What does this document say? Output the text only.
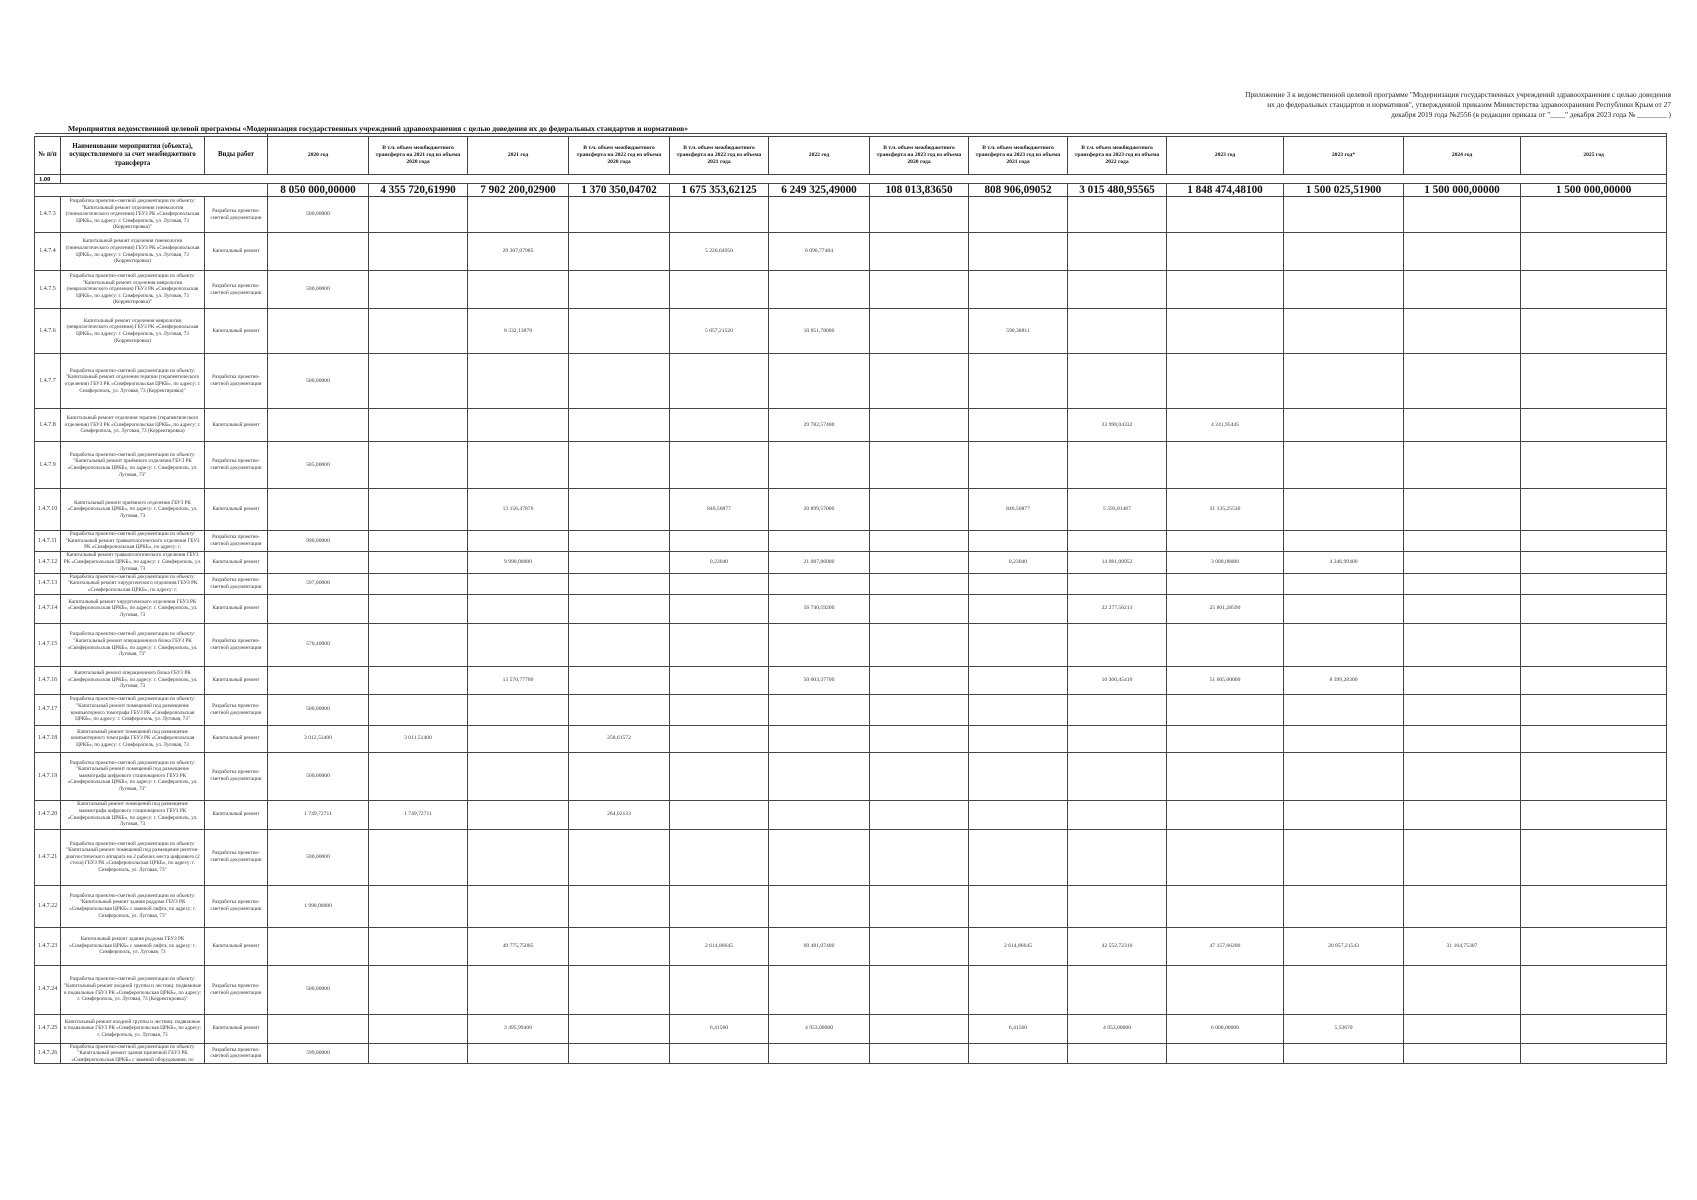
Приложение 3 к ведомственной целевой программе "Модернизация государственных учреждений здравоохранения с целью доведения
их до федеральных стандартов и нормативов", утвержденной приказом Министерства здравоохранения Республики Крым от 27
декабря 2019 года №2556 (в редакции приказа от "____" декабря 2023 года № ________ )
Мероприятия ведомственной целевой программы «Модернизация государственных учреждений здравоохранения с целью доведения их до федеральных стандартов и нормативов»

№ п/п	Наименование мероприятия (объекта), осуществляемого за счет межбюджетного трансферта	Виды работ	2020 год	В т.ч. объем межбюджетного трансферта на 2021 год из объема 2020 года	2021 год	В т.ч. объем межбюджетного трансферта на 2022 год из объема 2020 года	В т.ч. объем межбюджетного трансферта на 2022 год из объема 2021 года	2022 год	В т.ч. объем межбюджетного трансферта на 2023 год из объема 2020 года	В т.ч. объем межбюджетного трансферта на 2023 год из объема 2021 года	В т.ч. объем межбюджетного трансферта на 2023 год из объема 2022 года	2023 год	2023 год*	2024 год	2025 год
1.00															
			8 050 000,00000	4 355 720,61990	7 902 200,02900	1 370 350,04702	1 675 353,62125	6 249 325,49000	108 013,83650	808 906,09052	3 015 480,95565	1 848 474,48100	1 500 025,51900	1 500 000,00000	1 500 000,00000
1.4.7.3	Разработка проектно-сметной документации по объекту: "Капитальный ремонт отделения гинекологии (гинекологического отделения) ГБУЗ РК «Симферопольская ЦРКБ», по адресу: г. Симферополь, ул. Луговая, 73 (Корректировка)"	Разработка проектно-сметной документации	500,00000												
1.4.7.4	Капитальный ремонт отделения гинекологии (гинекологического отделения) ГБУЗ РК «Симферопольская ЦРКБ», по адресу: г. Симферополь, ул. Луговая, 73 (Корректировка)	Капитальный ремонт			29 307,07985		5 226,64950	6 090,77484							
1.4.7.5	Разработка проектно-сметной документации по объекту: "Капитальный ремонт отделения неврологии (неврологического отделения) ГБУЗ РК «Симферопольская ЦРКБ», по адресу: г. Симферополь, ул. Луговая, 73 (Корректировка)"	Разработка проектно-сметной документации	500,00000												
1.4.7.6	Капитальный ремонт отделения неврологии (неврологического отделения) ГБУЗ РК «Симферопольская ЦРКБ», по адресу: г. Симферополь, ул. Луговая, 73 (Корректировка)	Капитальный ремонт			8 332,13878		5 057,21520	10 851,78000		590,38811					
1.4.7.7	Разработка проектно-сметной документации по объекту: "Капитальный ремонт отделения терапии (терапевтического отделения) ГБУЗ РК «Симферопольская ЦРКБ», по адресу: г. Симферополь, ул. Луговая, 73 (Корректировка)"	Разработка проектно-сметной документации	500,00000												
1.4.7.8	Капитальный ремонт отделения терапии (терапевтического отделения) ГБУЗ РК «Симферопольская ЦРКБ», по адресу: г. Симферополь, ул. Луговая, 73 (Корректировка)	Капитальный ремонт						29 782,57400			33 998,04332	4 241,95445			
1.4.7.9	Разработка проектно-сметной документации по объекту: "Капитальный ремонт приёмного отделения ГБУЗ РК «Симферопольская ЦРКБ», по адресу: г. Симферополь, ул. Луговая, 73"	Разработка проектно-сметной документации	585,00000												
1.4.7.10	Капитальный ремонт приёмного отделения ГБУЗ РК «Симферопольская ЦРКБ», по адресу: г. Симферополь, ул. Луговая, 73	Капитальный ремонт			13 156,47876		846,56877	20 899,57000		846,56877	5 593,81467	31 135,25530			
1.4.7.11	Разработка проектно-сметной документации по объекту: "Капитальный ремонт травматологического отделения ГБУЗ РК «Симферопольская ЦРКБ», по адресу: г.	Разработка проектно-сметной документации	990,00000												
1.4.7.12	Капитальный ремонт травматологического отделения ГБУЗ РК «Симферопольская ЦРКБ», по адресу: г. Симферополь, ул. Луговая, 73	Капитальный ремонт			9 990,00000		0,23040	21 087,86000		0,23040	14 081,00952	3 000,00000	4 246,99400		
1.4.7.13	Разработка проектно-сметной документации по объекту: "Капитальный ремонт хирургического отделения ГБУЗ РК «Симферопольская ЦРКБ», по адресу: г.	Разработка проектно-сметной документации	597,00000												
1.4.7.14	Капитальный ремонт хирургического отделения ГБУЗ РК «Симферопольская ЦРКБ», по адресу: г. Симферополь, ул. Луговая, 73	Капитальный ремонт						56 740,59200			22 277,56213	25 801,28590			
1.4.7.15	Разработка проектно-сметной документации по объекту: "Капитальный ремонт операционного блока ГБУЗ РК «Симферопольская ЦРКБ», по адресу: г. Симферополь, ул. Луговая, 73"	Разработка проектно-сметной документации	570,40000												
1.4.7.16	Капитальный ремонт операционного блока ГБУЗ РК «Симферопольская ЦРКБ», по адресу: г. Симферополь, ул. Луговая, 73	Капитальный ремонт			13 570,77700			50 603,37700			10 300,45410	51 605,00000	8 399,28300		
1.4.7.17	Разработка проектно-сметной документации по объекту: "Капитальный ремонт помещений под размещение компьютерного томографа ГБУЗ РК «Симферопольская ЦРКБ», по адресу: г. Симферополь, ул. Луговая, 73"	Разработка проектно-сметной документации	500,00000												
1.4.7.18	Капитальный ремонт помещений под размещение компьютерного томографа ГБУЗ РК «Симферопольская ЦРКБ», по адресу: г. Симферополь, ул. Луговая, 73	Капитальный ремонт	3 012,53400	3 011,51400		258,61572									
1.4.7.19	Разработка проектно-сметной документации по объекту: "Капитальный ремонт помещений под размещение маммографа цифрового стационарного ГБУЗ РК «Симферопольская ЦРКБ», по адресу: г. Симферополь, ул. Луговая, 73"	Разработка проектно-сметной документации	500,00000												
1.4.7.20	Капитальный ремонт помещений под размещение маммографа цифрового стационарного ГБУЗ РК «Симферопольская ЦРКБ», по адресу: г. Симферополь, ул. Луговая, 73	Капитальный ремонт	1 749,72711	1 749,72711		264,02133									
1.4.7.21	Разработка проектно-сметной документации по объекту: "Капитальный ремонт помещений под размещение рентген-диагностического аппарата на 2 рабочих места цифрового (2 стола) ГБУЗ РК «Симферопольская ЦРКБ», по адресу: г. Симферополь, ул. Луговая, 73"	Разработка проектно-сметной документации	500,00000												
1.4.7.22	Разработка проектно-сметной документации по объекту: "Капитальный ремонт здания роддома ГБУЗ РК «Симферопольская ЦРКБ» с заменой лифта, по адресу: г. Симферополь, ул. Луговая, 73"	Разработка проектно-сметной документации	1 990,00000												
1.4.7.23	Капитальный ремонт здания роддома ГБУЗ РК «Симферопольская ЦРКБ» с заменой лифта, по адресу: г. Симферополь, ул. Луговая, 73	Капитальный ремонт			49 775,75005		2 614,86645	69 481,07400		2 614,86645	42 552,72310	47 157,66200	20 857,21543	31 164,75307	
1.4.7.24	Разработка проектно-сметной документации по объекту: "Капитальный ремонт входной группы и лестниц: подвижные и подвальные ГБУЗ РК «Симферопольская ЦРКБ», по адресу: г. Симферополь, ул. Луговая, 73 (Корректировка)"	Разработка проектно-сметной документации	500,00000												
1.4.7.25	Капитальный ремонт входной группы и лестниц: подвижные и подвальные ГБУЗ РК «Симферопольская ЦРКБ», по адресу: г. Симферополь, ул. Луговая, 73	Капитальный ремонт			3 495,99400		6,41560	4 953,00000		6,41560	4 953,00000	6 000,00000	5,53670		
1.4.7.26	Разработка проектно-сметной документации по объекту: "Капитальный ремонт здания прачечной ГБУЗ РК «Симферопольская ЦРКБ» с заменой оборудования, по	Разработка проектно-сметной документации	599,00000												
